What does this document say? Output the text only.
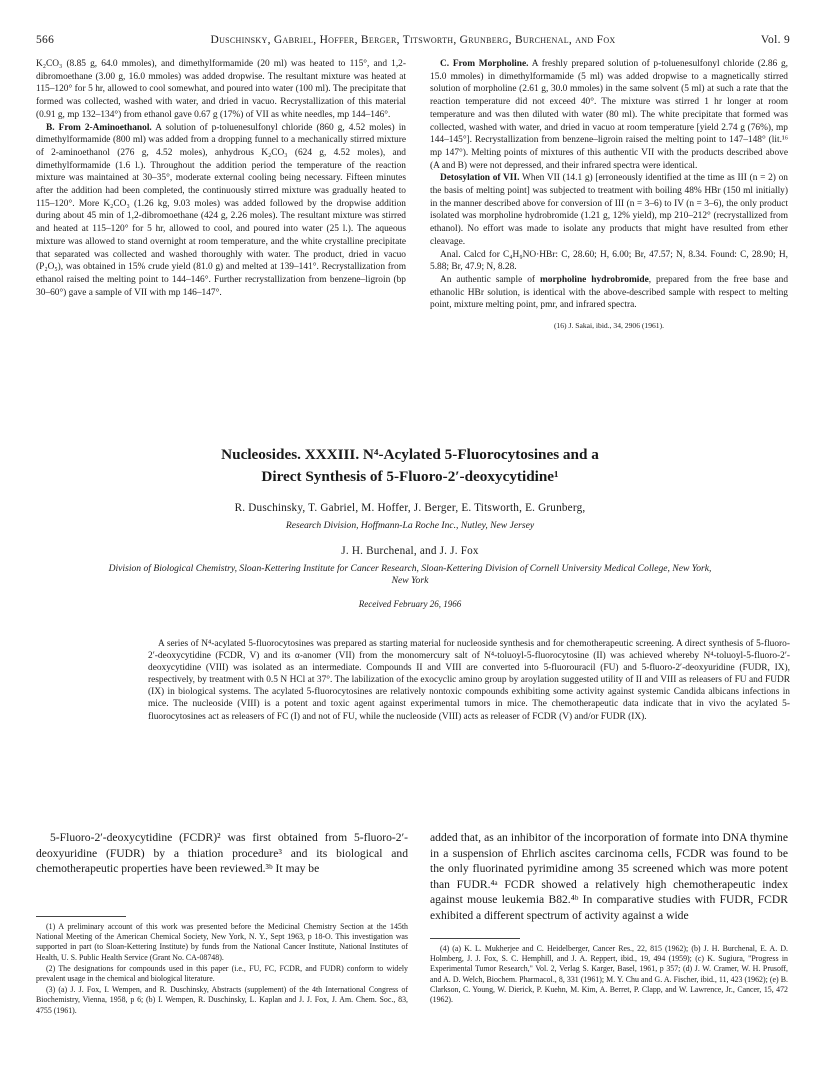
566	Duschinsky, Gabriel, Hoffer, Berger, Titsworth, Grunberg, Burchenal, and Fox	Vol. 9

K₂CO₃ (8.85 g, 64.0 mmoles), and dimethylformamide (20 ml) was heated to 115°, and 1,2-dibromoethane (3.00 g, 16.0 mmoles) was added dropwise. The resultant mixture was heated at 115–120° for 5 hr, allowed to cool somewhat, and poured into water (100 ml). The precipitate that formed was collected, washed with water, and dried in vacuo. Recrystallization of this material (0.91 g, mp 132–134°) from ethanol gave 0.67 g (17%) of VII as white needles, mp 144–146°.

B. From 2-Aminoethanol. A solution of p-toluenesulfonyl chloride (860 g, 4.52 moles) in dimethylformamide (800 ml) was added from a dropping funnel to a mechanically stirred mixture of 2-aminoethanol (276 g, 4.52 moles), anhydrous K₂CO₃ (624 g, 4.52 moles), and dimethylformamide (1.6 l.). Throughout the addition period the temperature of the reaction mixture was maintained at 30–35°, moderate external cooling being necessary. Fifteen minutes after the addition had been completed, the continuously stirred mixture was gradually heated to 115–120°. More K₂CO₃ (1.26 kg, 9.03 moles) was added followed by the dropwise addition during about 45 min of 1,2-dibromoethane (424 g, 2.26 moles). The resultant mixture was stirred and heated at 115–120° for 5 hr, allowed to cool, and poured into water (25 l.). The aqueous mixture was allowed to stand overnight at room temperature, and the white crystalline precipitate that separated was collected and washed thoroughly with water. The product, dried in vacuo (P₂O₅), was obtained in 15% crude yield (81.0 g) and melted at 139–141°. Recrystallization from ethanol raised the melting point to 144–146°. Further recrystallization from benzene–ligroin (bp 30–60°) gave a sample of VII with mp 146–147°.

C. From Morpholine. A freshly prepared solution of p-toluenesulfonyl chloride (2.86 g, 15.0 mmoles) in dimethylformamide (5 ml) was added dropwise to a magnetically stirred solution of morpholine (2.61 g, 30.0 mmoles) in the same solvent (5 ml) at such a rate that the reaction temperature did not exceed 40°. The mixture was stirred 1 hr longer at room temperature and was then diluted with water (80 ml). The white precipitate that formed was collected, washed with water, and dried in vacuo at room temperature [yield 2.74 g (76%), mp 144–145°]. Recrystallization from benzene–ligroin raised the melting point to 147–148° (lit.¹⁶ mp 147°). Melting points of mixtures of this authentic VII with the products described above (A and B) were not depressed, and their infrared spectra were identical.

Detosylation of VII. When VII (14.1 g) [erroneously identified at the time as III (n = 2) on the basis of melting point] was subjected to treatment with boiling 48% HBr (150 ml initially) in the manner described above for conversion of III (n = 3–6) to IV (n = 3–6), the only product isolated was morpholine hydrobromide (1.21 g, 12% yield), mp 210–212° (recrystallized from ethanol). No effort was made to isolate any products that might have resulted from ether cleavage.

Anal. Calcd for C₄H₉NO·HBr: C, 28.60; H, 6.00; Br, 47.57; N, 8.34. Found: C, 28.90; H, 5.88; Br, 47.9; N, 8.28.

An authentic sample of morpholine hydrobromide, prepared from the free base and ethanolic HBr solution, is identical with the above-described sample with respect to melting point, mixture melting point, pmr, and infrared spectra.

(16) J. Sakai, ibid., 34, 2906 (1961).

Nucleosides. XXXIII. N⁴-Acylated 5-Fluorocytosines and a
Direct Synthesis of 5-Fluoro-2′-deoxycytidine¹

R. Duschinsky, T. Gabriel, M. Hoffer, J. Berger, E. Titsworth, E. Grunberg,

Research Division, Hoffmann-La Roche Inc., Nutley, New Jersey

J. H. Burchenal, and J. J. Fox

Division of Biological Chemistry, Sloan-Kettering Institute for Cancer Research, Sloan-Kettering Division of Cornell University Medical College, New York, New York

Received February 26, 1966

A series of N⁴-acylated 5-fluorocytosines was prepared as starting material for nucleoside synthesis and for chemotherapeutic screening. A direct synthesis of 5-fluoro-2′-deoxycytidine (FCDR, V) and its α-anomer (VII) from the monomercury salt of N⁴-toluoyl-5-fluorocytosine (II) was achieved whereby N⁴-toluoyl-5-fluoro-2′-deoxycytidine (VIII) was isolated as an intermediate. Compounds II and VIII are converted into 5-fluorouracil (FU) and 5-fluoro-2′-deoxyuridine (FUDR, IX), respectively, by treatment with 0.5 N HCl at 37°. The labilization of the exocyclic amino group by aroylation suggested utility of II and VIII as releasers of FU and FUDR (IX) in biological systems. The acylated 5-fluorocytosines are relatively nontoxic compounds exhibiting some activity against systemic Candida albicans infections in mice. The nucleoside (VIII) is a potent and toxic agent against experimental tumors in mice. The chemotherapeutic data indicate that in vivo the acylated 5-fluorocytosines act as releasers of FC (I) and not of FU, while the nucleoside (VIII) acts as releaser of FCDR (V) and/or FUDR (IX).

5-Fluoro-2′-deoxycytidine (FCDR)² was first obtained from 5-fluoro-2′-deoxyuridine (FUDR) by a thiation procedure³ and its biological and chemotherapeutic properties have been reviewed.³ᵇ It may be

added that, as an inhibitor of the incorporation of formate into DNA thymine in a suspension of Ehrlich ascites carcinoma cells, FCDR was found to be the only fluorinated pyrimidine among 35 screened which was more potent than FUDR.⁴ᵃ FCDR showed a relatively high chemotherapeutic index against mouse leukemia B82.⁴ᵇ In comparative studies with FUDR, FCDR exhibited a different spectrum of activity against a wide

(1) A preliminary account of this work was presented before the Medicinal Chemistry Section at the 145th National Meeting of the American Chemical Society, New York, N. Y., Sept 1963, p 18-O. This investigation was supported in part (to Sloan-Kettering Institute) by funds from the National Cancer Institute, National Institutes of Health, U. S. Public Health Service (Grant No. CA-08748).

(2) The designations for compounds used in this paper (i.e., FU, FC, FCDR, and FUDR) conform to widely prevalent usage in the chemical and biological literature.

(3) (a) J. J. Fox, I. Wempen, and R. Duschinsky, Abstracts (supplement) of the 4th International Congress of Biochemistry, Vienna, 1958, p 6; (b) I. Wempen, R. Duschinsky, L. Kaplan and J. J. Fox, J. Am. Chem. Soc., 83, 4755 (1961).

(4) (a) K. L. Mukherjee and C. Heidelberger, Cancer Res., 22, 815 (1962); (b) J. H. Burchenal, E. A. D. Holmberg, J. J. Fox, S. C. Hemphill, and J. A. Reppert, ibid., 19, 494 (1959); (c) K. Sugiura, "Progress in Experimental Tumor Research," Vol. 2, Verlag S. Karger, Basel, 1961, p 357; (d) J. W. Cramer, W. H. Prusoff, and A. D. Welch, Biochem. Pharmacol., 8, 331 (1961); M. Y. Chu and G. A. Fischer, ibid., 11, 423 (1962); (e) B. Clarkson, C. Young, W. Dierick, P. Kuehn, M. Kim, A. Berret, P. Clapp, and W. Lawrence, Jr., Cancer, 15, 472 (1962).
